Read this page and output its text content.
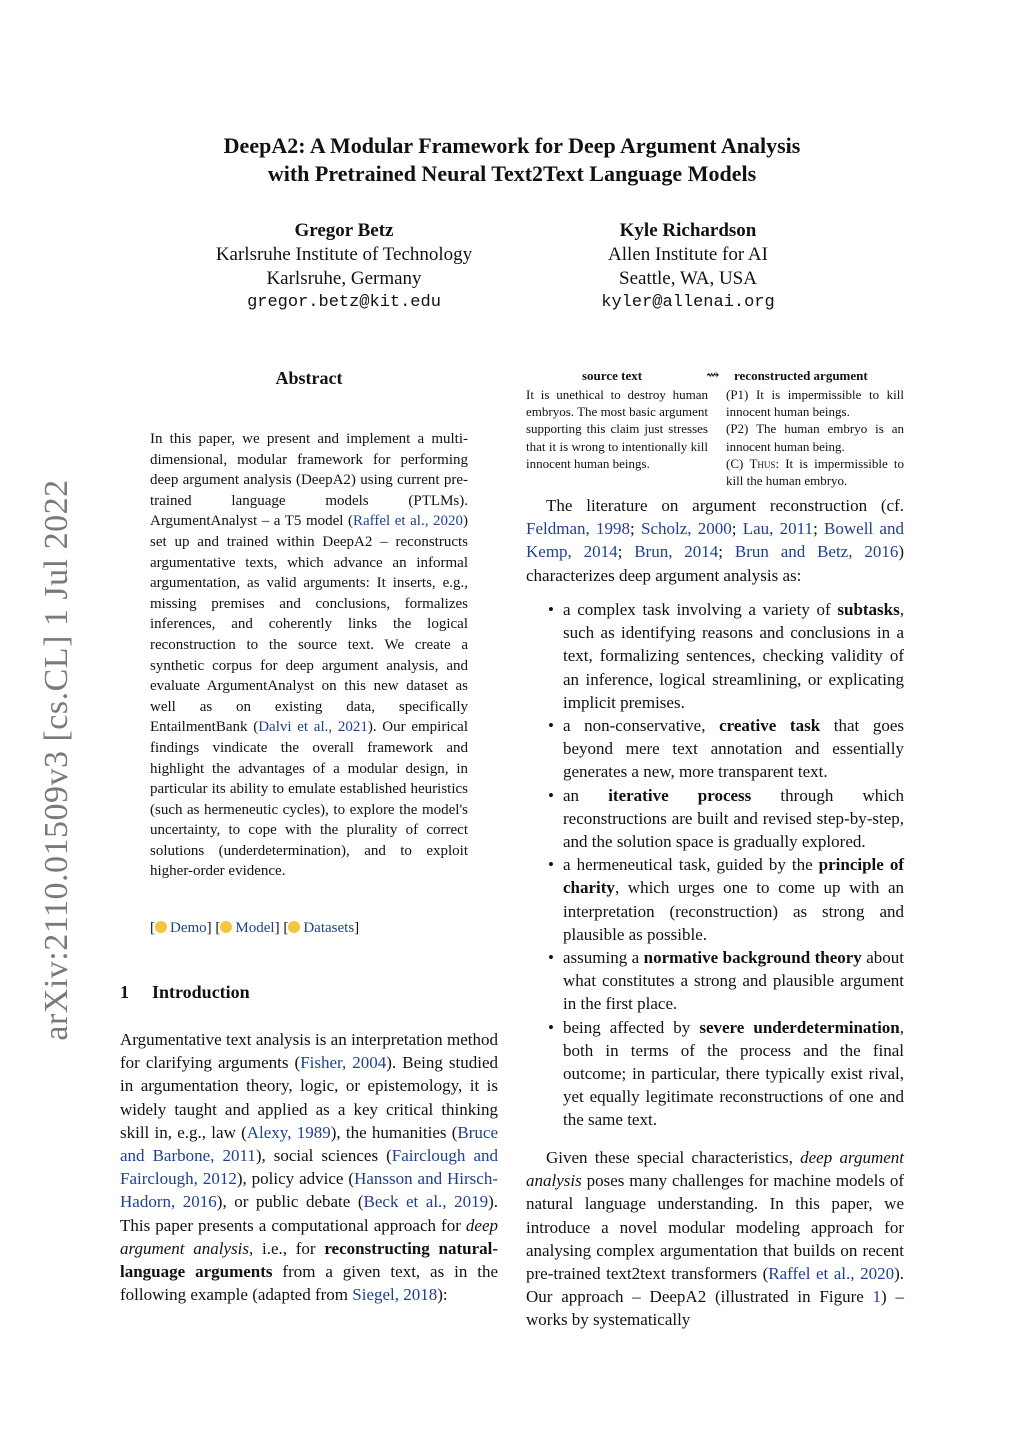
DeepA2: A Modular Framework for Deep Argument Analysis
with Pretrained Neural Text2Text Language Models
Gregor Betz
Karlsruhe Institute of Technology
Karlsruhe, Germany
gregor.betz@kit.edu
Kyle Richardson
Allen Institute for AI
Seattle, WA, USA
kyler@allenai.org
arXiv:2110.01509v3 [cs.CL] 1 Jul 2022
Abstract
In this paper, we present and implement a multi-dimensional, modular framework for performing deep argument analysis (DeepA2) using current pre-trained language models (PTLMs). ArgumentAnalyst – a T5 model (Raffel et al., 2020) set up and trained within DeepA2 – reconstructs argumentative texts, which advance an informal argumentation, as valid arguments: It inserts, e.g., missing premises and conclusions, formalizes inferences, and coherently links the logical reconstruction to the source text. We create a synthetic corpus for deep argument analysis, and evaluate ArgumentAnalyst on this new dataset as well as on existing data, specifically EntailmentBank (Dalvi et al., 2021). Our empirical findings vindicate the overall framework and highlight the advantages of a modular design, in particular its ability to emulate established heuristics (such as hermeneutic cycles), to explore the model's uncertainty, to cope with the plurality of correct solutions (underdetermination), and to exploit higher-order evidence.
[ Demo] [ Model] [ Datasets]
1 Introduction
Argumentative text analysis is an interpretation method for clarifying arguments (Fisher, 2004). Being studied in argumentation theory, logic, or epistemology, it is widely taught and applied as a key critical thinking skill in, e.g., law (Alexy, 1989), the humanities (Bruce and Barbone, 2011), social sciences (Fairclough and Fairclough, 2012), policy advice (Hansson and Hirsch-Hadorn, 2016), or public debate (Beck et al., 2019). This paper presents a computational approach for deep argument analysis, i.e., for reconstructing natural-language arguments from a given text, as in the following example (adapted from Siegel, 2018):
source text	⇝ reconstructed argument
It is unethical to destroy human embryos. The most basic argument supporting this claim just stresses that it is wrong to intentionally kill innocent human beings.

(P1) It is impermissible to kill innocent human beings.

(P2) The human embryo is an innocent human being.

(C) Thus: It is impermissible to kill the human embryo.

The literature on argument reconstruction (cf. Feldman, 1998; Scholz, 2000; Lau, 2011; Bowell and Kemp, 2014; Brun, 2014; Brun and Betz, 2016) characterizes deep argument analysis as:
• a complex task involving a variety of subtasks, such as identifying reasons and conclusions in a text, formalizing sentences, checking validity of an inference, logical streamlining, or explicating implicit premises.
• a non-conservative, creative task that goes beyond mere text annotation and essentially generates a new, more transparent text.
• an iterative process through which reconstructions are built and revised step-by-step, and the solution space is gradually explored.
• a hermeneutical task, guided by the principle of charity, which urges one to come up with an interpretation (reconstruction) as strong and plausible as possible.
• assuming a normative background theory about what constitutes a strong and plausible argument in the first place.
• being affected by severe underdetermination, both in terms of the process and the final outcome; in particular, there typically exist rival, yet equally legitimate reconstructions of one and the same text.
Given these special characteristics, deep argument analysis poses many challenges for machine models of natural language understanding. In this paper, we introduce a novel modular modeling approach for analysing complex argumentation that builds on recent pre-trained text2text transformers (Raffel et al., 2020). Our approach – DeepA2 (illustrated in Figure 1) – works by systematically
